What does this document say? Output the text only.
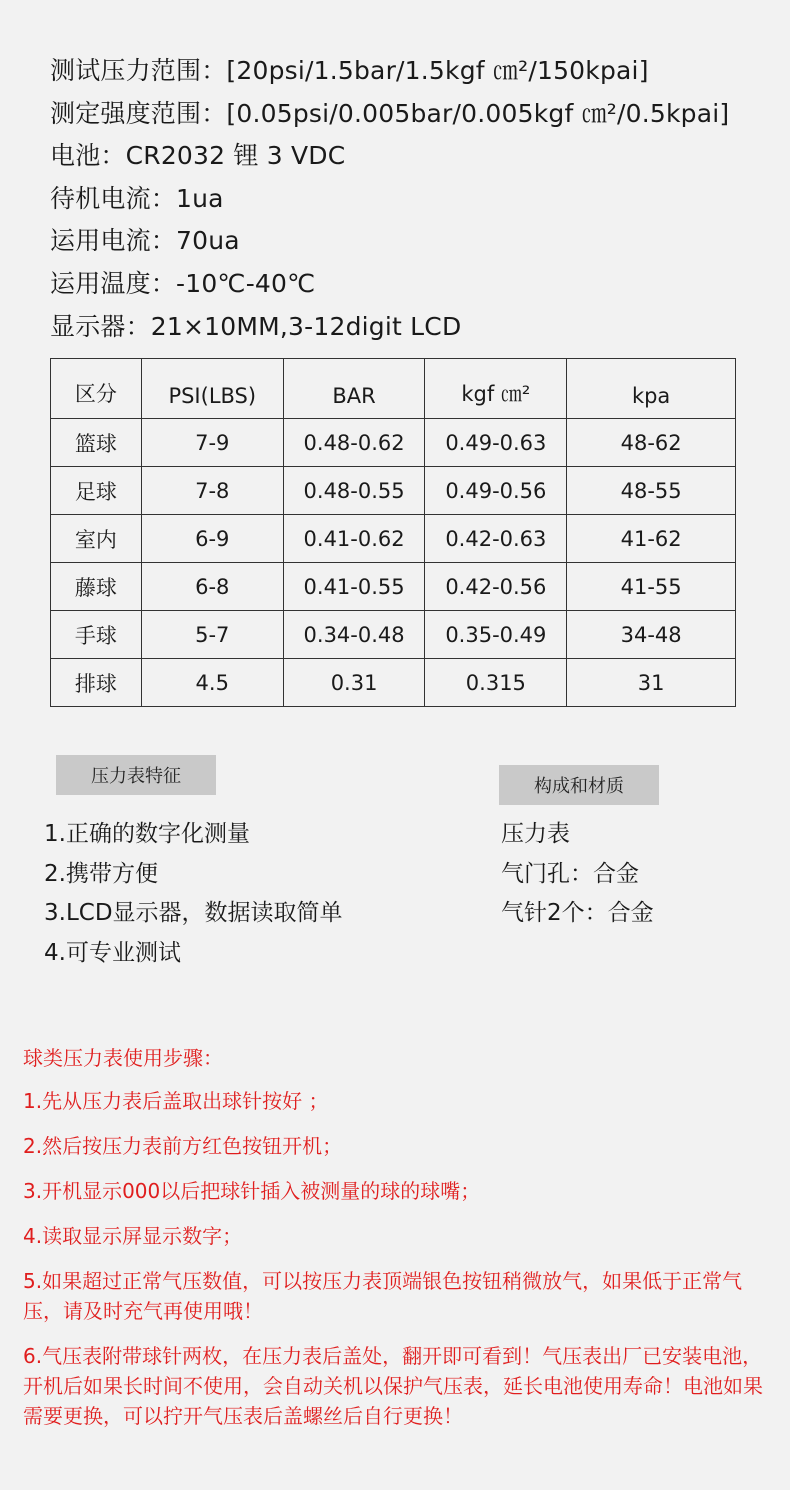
测试压力范围：[20psi/1.5bar/1.5kgf ㎝²/150kpai]
测定强度范围：[0.05psi/0.005bar/0.005kgf ㎝²/0.5kpai]
电池：CR2032 锂 3 VDC
待机电流：1ua
运用电流：70ua
运用温度：-10℃-40℃
显示器：21×10MM,3-12digit LCD
区分	PSI(LBS)	BAR	kgf ㎝²	kpa
篮球	7-9	0.48-0.62	0.49-0.63	48-62
足球	7-8	0.48-0.55	0.49-0.56	48-55
室内	6-9	0.41-0.62	0.42-0.63	41-62
藤球	6-8	0.41-0.55	0.42-0.56	41-55
手球	5-7	0.34-0.48	0.35-0.49	34-48
排球	4.5	0.31	0.315	31
压力表特征	构成和材质
1.正确的数字化测量
2.携带方便
3.LCD显示器，数据读取简单
4.可专业测试
压力表
气门孔：合金
气针2个：合金
球类压力表使用步骤：
1.先从压力表后盖取出球针按好 ；
2.然后按压力表前方红色按钮开机；
3.开机显示000以后把球针插入被测量的球的球嘴；
4.读取显示屏显示数字；
5.如果超过正常气压数值，可以按压力表顶端银色按钮稍微放气，如果低于正常气压，请及时充气再使用哦！
6.气压表附带球针两枚，在压力表后盖处，翻开即可看到！气压表出厂已安装电池，开机后如果长时间不使用，会自动关机以保护气压表，延长电池使用寿命！电池如果需要更换，可以拧开气压表后盖螺丝后自行更换！
